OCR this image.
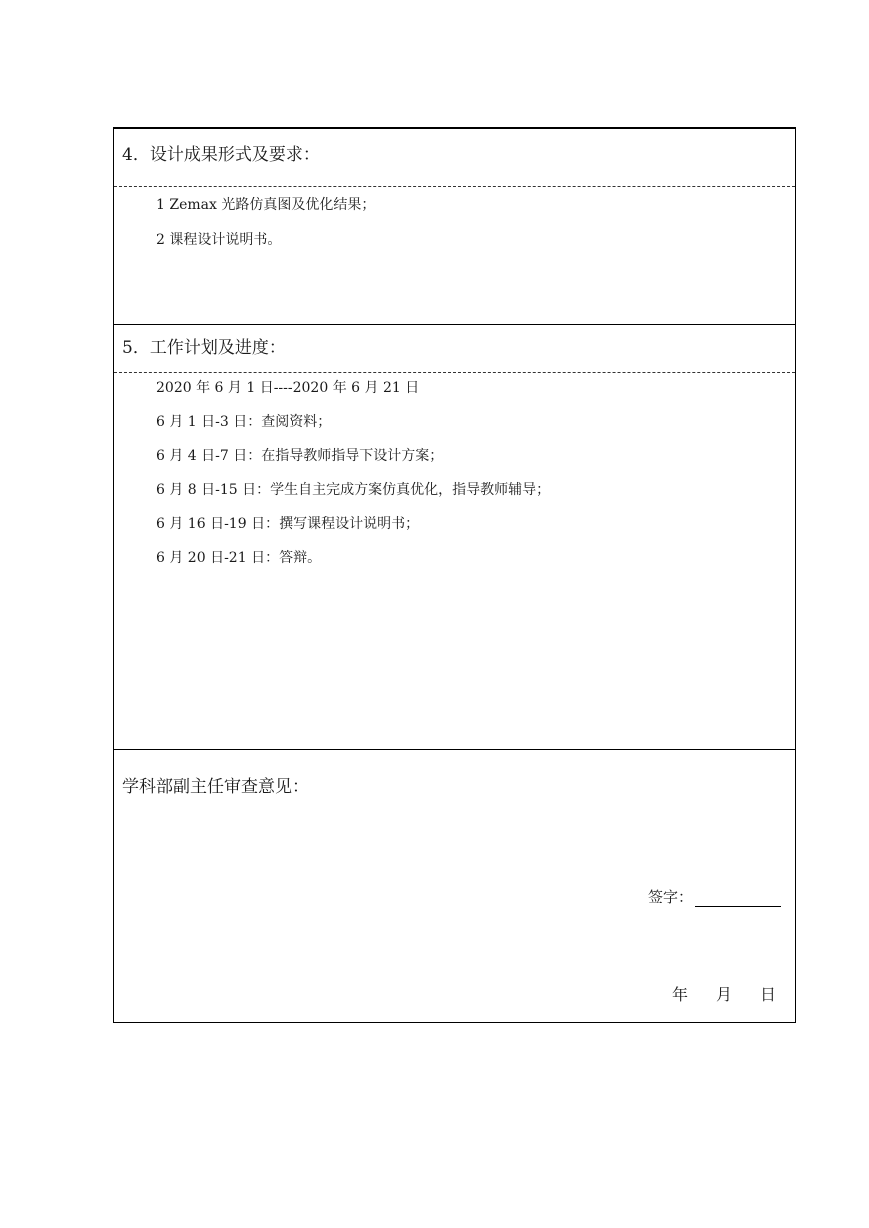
4．设计成果形式及要求：
1 Zemax 光路仿真图及优化结果；
2 课程设计说明书。
5．工作计划及进度：
2020 年 6 月 1 日----2020 年 6 月 21 日
6 月 1 日-3 日：查阅资料；
6 月 4 日-7 日：在指导教师指导下设计方案；
6 月 8 日-15 日：学生自主完成方案仿真优化，指导教师辅导；
6 月 16 日-19 日：撰写课程设计说明书；
6 月 20 日-21 日：答辩。
学科部副主任审查意见：
签字：
年 月 日
